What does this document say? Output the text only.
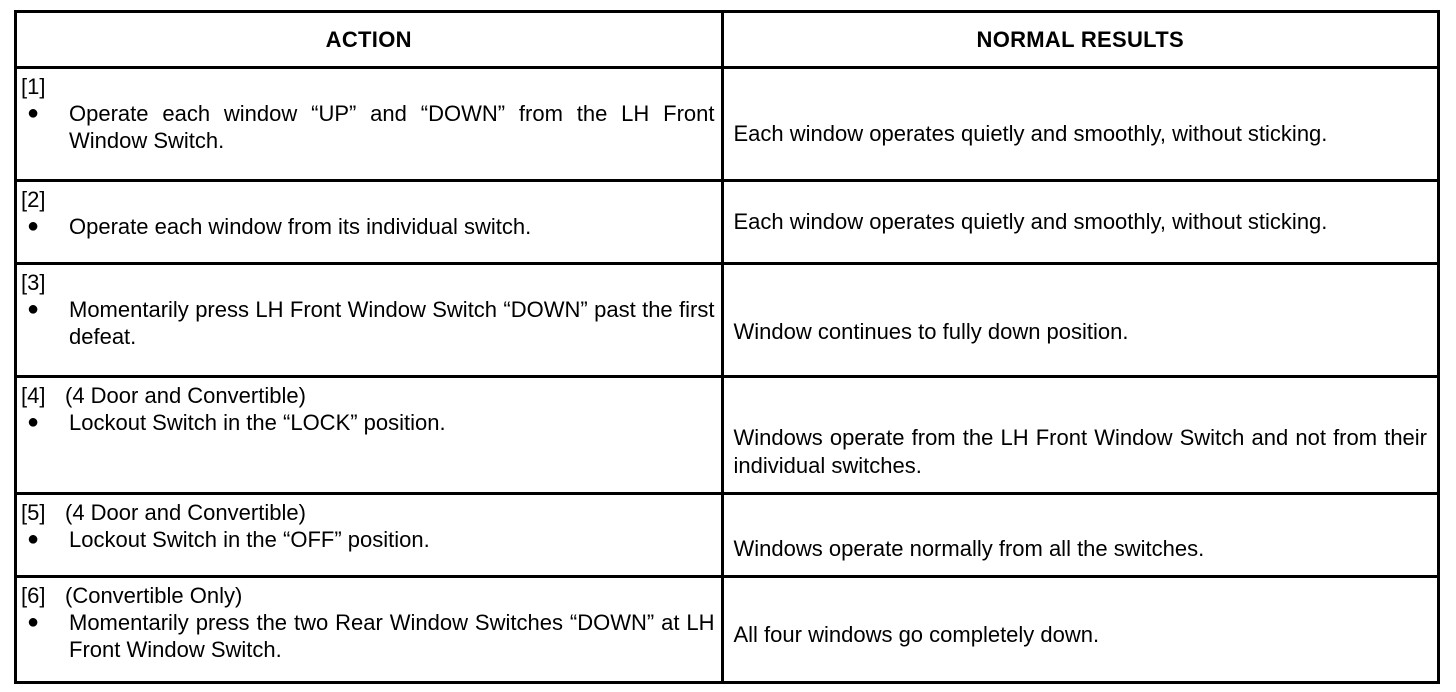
ACTION	NORMAL RESULTS

[1]
● Operate each window “UP” and “DOWN” from the LH Front Window Switch.	Each window operates quietly and smoothly, without sticking.

[2]
● Operate each window from its individual switch.	Each window operates quietly and smoothly, without sticking.

[3]
● Momentarily press LH Front Window Switch “DOWN” past the first defeat.	Window continues to fully down position.

[4] (4 Door and Convertible)
● Lockout Switch in the “LOCK” position.	Windows operate from the LH Front Window Switch and not from their individual switches.

[5] (4 Door and Convertible)
● Lockout Switch in the “OFF” position.	Windows operate normally from all the switches.

[6] (Convertible Only)
● Momentarily press the two Rear Window Switches “DOWN” at LH Front Window Switch.	All four windows go completely down.
